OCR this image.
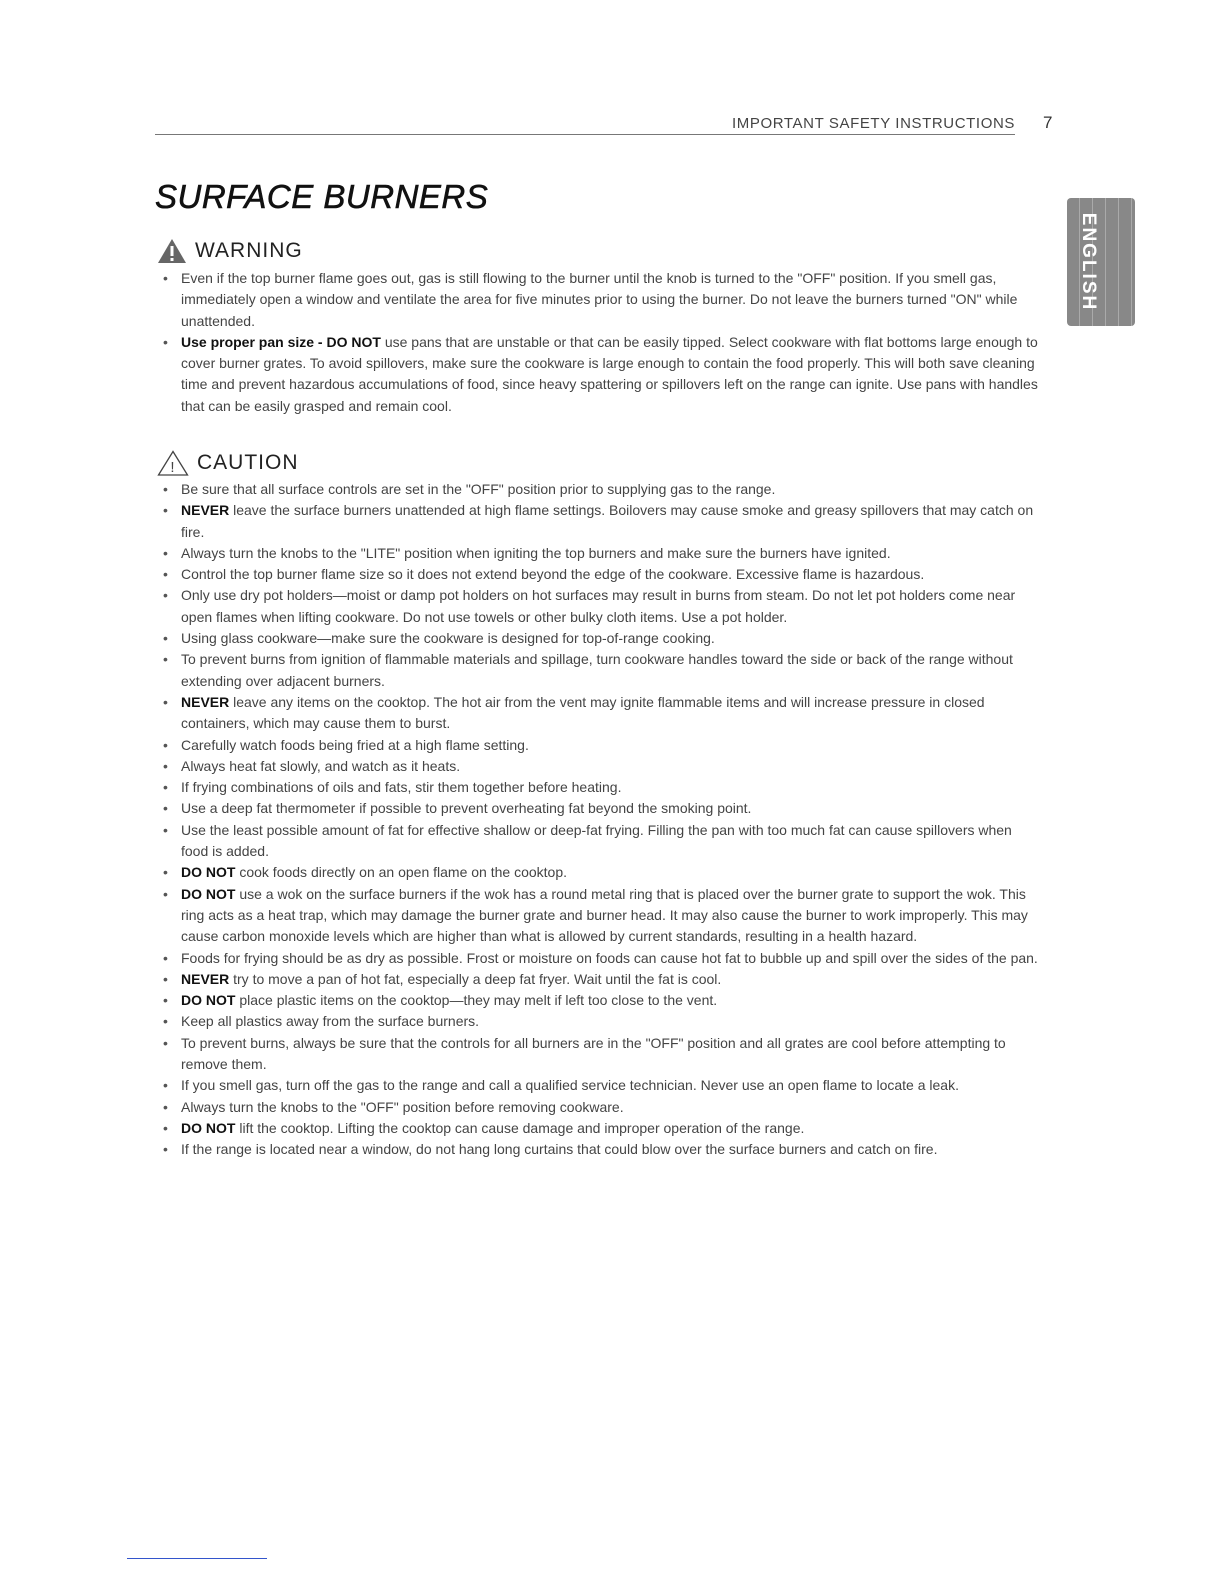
IMPORTANT SAFETY INSTRUCTIONS 7
ENGLISH
SURFACE BURNERS
WARNING
• Even if the top burner flame goes out, gas is still flowing to the burner until the knob is turned to the "OFF" position. If you smell gas, immediately open a window and ventilate the area for five minutes prior to using the burner. Do not leave the burners turned "ON" while unattended.
• Use proper pan size - DO NOT use pans that are unstable or that can be easily tipped. Select cookware with flat bottoms large enough to cover burner grates. To avoid spillovers, make sure the cookware is large enough to contain the food properly. This will both save cleaning time and prevent hazardous accumulations of food, since heavy spattering or spillovers left on the range can ignite. Use pans with handles that can be easily grasped and remain cool.
! CAUTION
• Be sure that all surface controls are set in the "OFF" position prior to supplying gas to the range.
• NEVER leave the surface burners unattended at high flame settings. Boilovers may cause smoke and greasy spillovers that may catch on fire.
• Always turn the knobs to the "LITE" position when igniting the top burners and make sure the burners have ignited.
• Control the top burner flame size so it does not extend beyond the edge of the cookware. Excessive flame is hazardous.
• Only use dry pot holders—moist or damp pot holders on hot surfaces may result in burns from steam. Do not let pot holders come near open flames when lifting cookware. Do not use towels or other bulky cloth items. Use a pot holder.
• Using glass cookware—make sure the cookware is designed for top-of-range cooking.
• To prevent burns from ignition of flammable materials and spillage, turn cookware handles toward the side or back of the range without extending over adjacent burners.
• NEVER leave any items on the cooktop. The hot air from the vent may ignite flammable items and will increase pressure in closed containers, which may cause them to burst.
• Carefully watch foods being fried at a high flame setting.
• Always heat fat slowly, and watch as it heats.
• If frying combinations of oils and fats, stir them together before heating.
• Use a deep fat thermometer if possible to prevent overheating fat beyond the smoking point.
• Use the least possible amount of fat for effective shallow or deep-fat frying. Filling the pan with too much fat can cause spillovers when food is added.
• DO NOT cook foods directly on an open flame on the cooktop.
• DO NOT use a wok on the surface burners if the wok has a round metal ring that is placed over the burner grate to support the wok. This ring acts as a heat trap, which may damage the burner grate and burner head. It may also cause the burner to work improperly. This may cause carbon monoxide levels which are higher than what is allowed by current standards, resulting in a health hazard.
• Foods for frying should be as dry as possible. Frost or moisture on foods can cause hot fat to bubble up and spill over the sides of the pan.
• NEVER try to move a pan of hot fat, especially a deep fat fryer. Wait until the fat is cool.
• DO NOT place plastic items on the cooktop—they may melt if left too close to the vent.
• Keep all plastics away from the surface burners.
• To prevent burns, always be sure that the controls for all burners are in the "OFF" position and all grates are cool before attempting to remove them.
• If you smell gas, turn off the gas to the range and call a qualified service technician. Never use an open flame to locate a leak.
• Always turn the knobs to the "OFF" position before removing cookware.
• DO NOT lift the cooktop. Lifting the cooktop can cause damage and improper operation of the range.
• If the range is located near a window, do not hang long curtains that could blow over the surface burners and catch on fire.
